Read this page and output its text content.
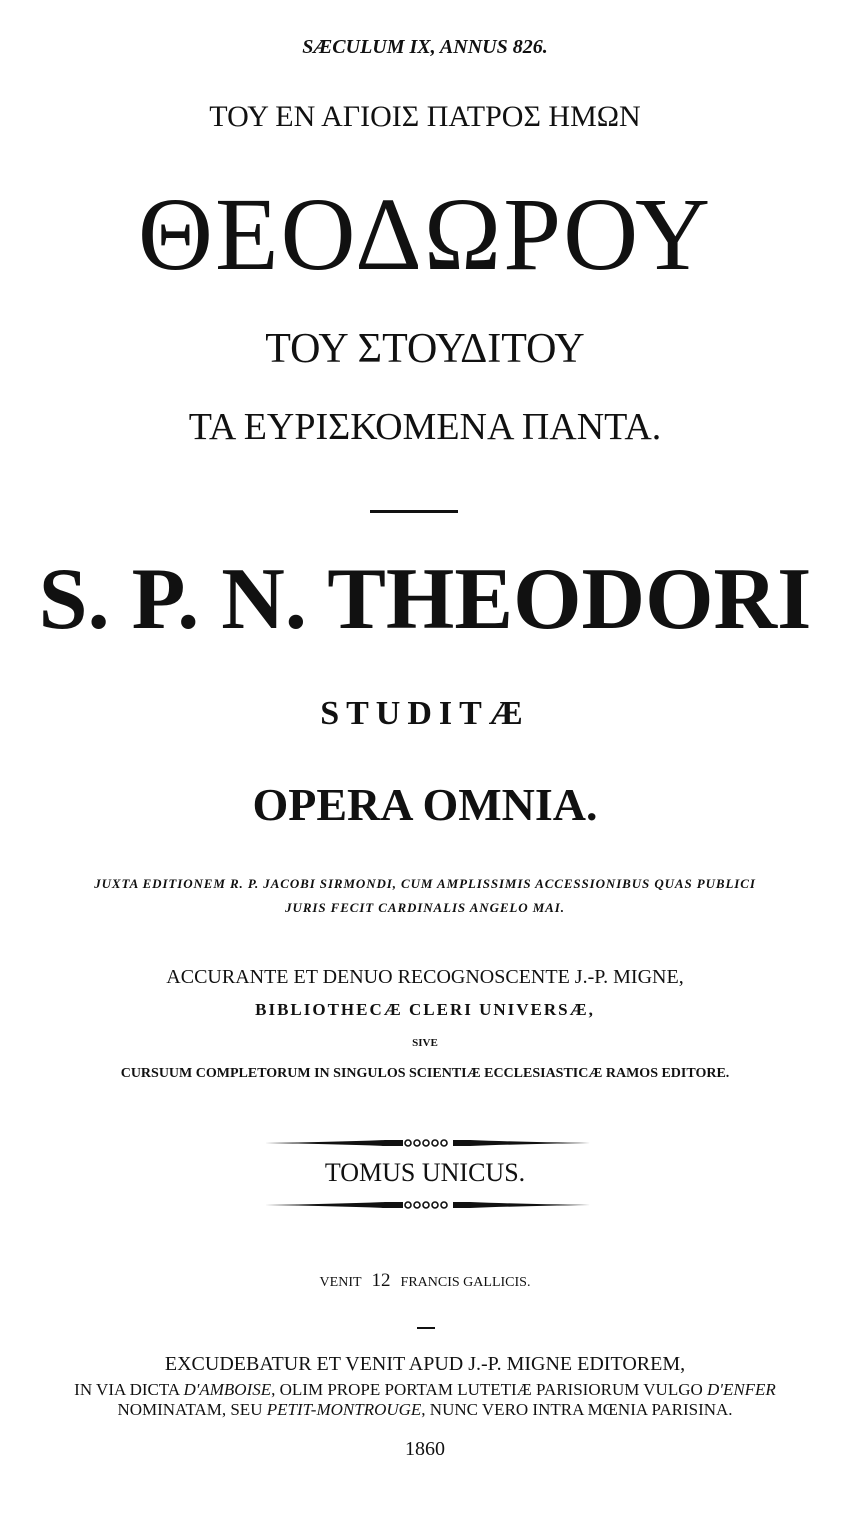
SÆCULUM IX, ANNUS 826.
ΤΟΥ ΕΝ ΑΓΙΟΙΣ ΠΑΤΡΟΣ ΗΜΩΝ
ΘΕΟΔΩΡΟΥ
ΤΟΥ ΣΤΟΥΔΙΤΟΥ
ΤΑ ΕΥΡΙΣΚΟΜΕΝΑ ΠΑΝΤΑ.
S. P. N. THEODORI
STUDITÆ
OPERA OMNIA.
JUXTA EDITIONEM R. P. JACOBI SIRMONDI, CUM AMPLISSIMIS ACCESSIONIBUS QUAS PUBLICI
JURIS FECIT CARDINALIS ANGELO MAI.
ACCURANTE ET DENUO RECOGNOSCENTE J.-P. MIGNE,
BIBLIOTHECÆ CLERI UNIVERSÆ,
SIVE
CURSUUM COMPLETORUM IN SINGULOS SCIENTIÆ ECCLESIASTICÆ RAMOS EDITORE.
TOMUS UNICUS.
VENIT 12 FRANCIS GALLICIS.
EXCUDEBATUR ET VENIT APUD J.-P. MIGNE EDITOREM,
IN VIA DICTA D'AMBOISE, OLIM PROPE PORTAM LUTETIÆ PARISIORUM VULGO D'ENFER
NOMINATAM, SEU PETIT-MONTROUGE, NUNC VERO INTRA MŒNIA PARISINA.
1860
